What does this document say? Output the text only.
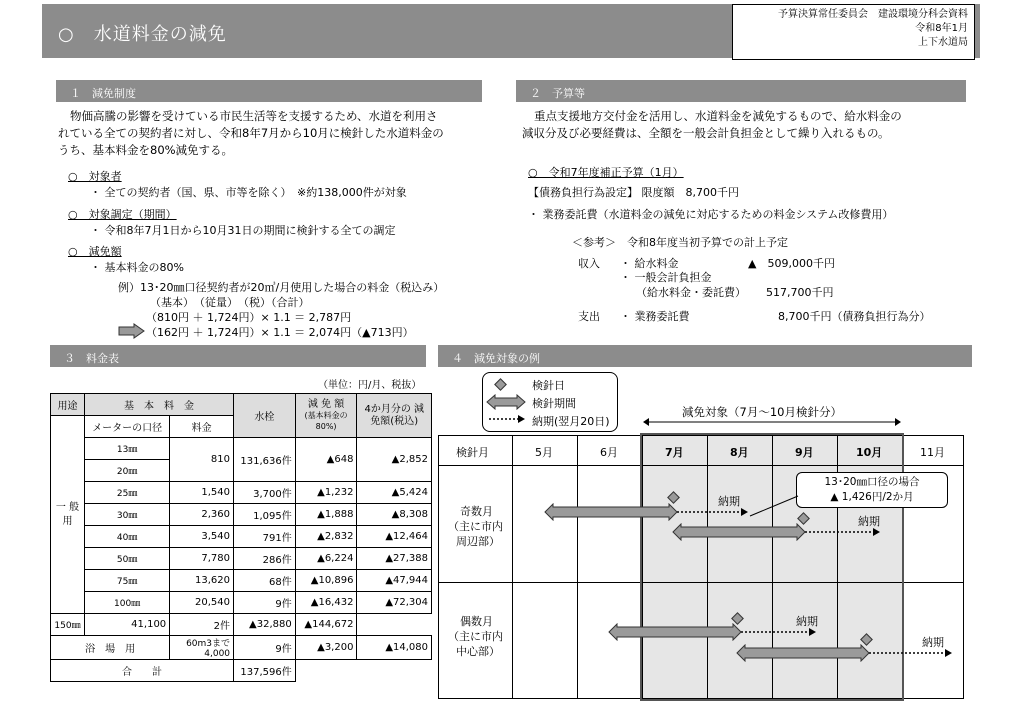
○　水道料金の減免
予算決算常任委員会　建設環境分科会資料
令和8年1月
上下水道局
１　減免制度
物価高騰の影響を受けている市民生活等を支援するため、水道を利用さ
れている全ての契約者に対し、令和8年7月から10月に検針した水道料金の
うち、基本料金を80%減免する。
○　対象者
・ 全ての契約者（国、県、市等を除く）　※約138,000件が対象
○　対象調定（期間）
・ 令和8年7月1日から10月31日の期間に検針する全ての調定
○　減免額
・ 基本料金の80%
例）13･20㎜口径契約者が20㎥/月使用した場合の料金（税込み）
（基本）　（従量）　（税）（合計）
（810円 ＋ 1,724円）× 1.1 ＝ 2,787円
（162円 ＋ 1,724円）× 1.1 ＝ 2,074円（▲713円）
２　予算等
重点支援地方交付金を活用し、水道料金を減免するもので、給水料金の
減収分及び必要経費は、全額を一般会計負担金として繰り入れるもの。
○　令和7年度補正予算（1月）
【債務負担行為設定】 限度額　8,700千円
・ 業務委託費（水道料金の減免に対応するための料金システム改修費用）
＜参考＞　令和8年度当初予算での計上予定
収入 ・ 給水料金	▲　509,000千円
・ 一般会計負担金
（給水料金・委託費） 517,700千円
支出 ・ 業務委託費	8,700千円（債務負担行為分）
３　料金表
（単位：円/月、税抜）
用途	基　本　料　金		水栓	減 免 額
(基本料金の 80%)	4か月分の 減免額(税込)
一 般 用	メーターの口径	料金			
	13㎜	810	131,636件	▲648	▲2,852
	20㎜				
	25㎜	1,540	3,700件	▲1,232	▲5,424
	30㎜	2,360	1,095件	▲1,888	▲8,308
	40㎜	3,540	791件	▲2,832	▲12,464
	50㎜	7,780	286件	▲6,224	▲27,388
	75㎜	13,620	68件	▲10,896	▲47,944
	100㎜	20,540	9件	▲16,432	▲72,304
150㎜	41,100	2件	▲32,880	▲144,672	
浴　場　用		60m3まで 4,000	9件	▲3,200	▲14,080
合　　計			137,596件		
４　減免対象の例
検針日
検針期間
納期(翌月20日)
減免対象（7月～10月検針分）
検針月	5月	6月	7月	8月	9月	10月	11月
奇数月
（主に市内
周辺部）
偶数月
（主に市内
中心部）
納期
納期
13･20㎜口径の場合
▲ 1,426円/2か月
納期
納期
